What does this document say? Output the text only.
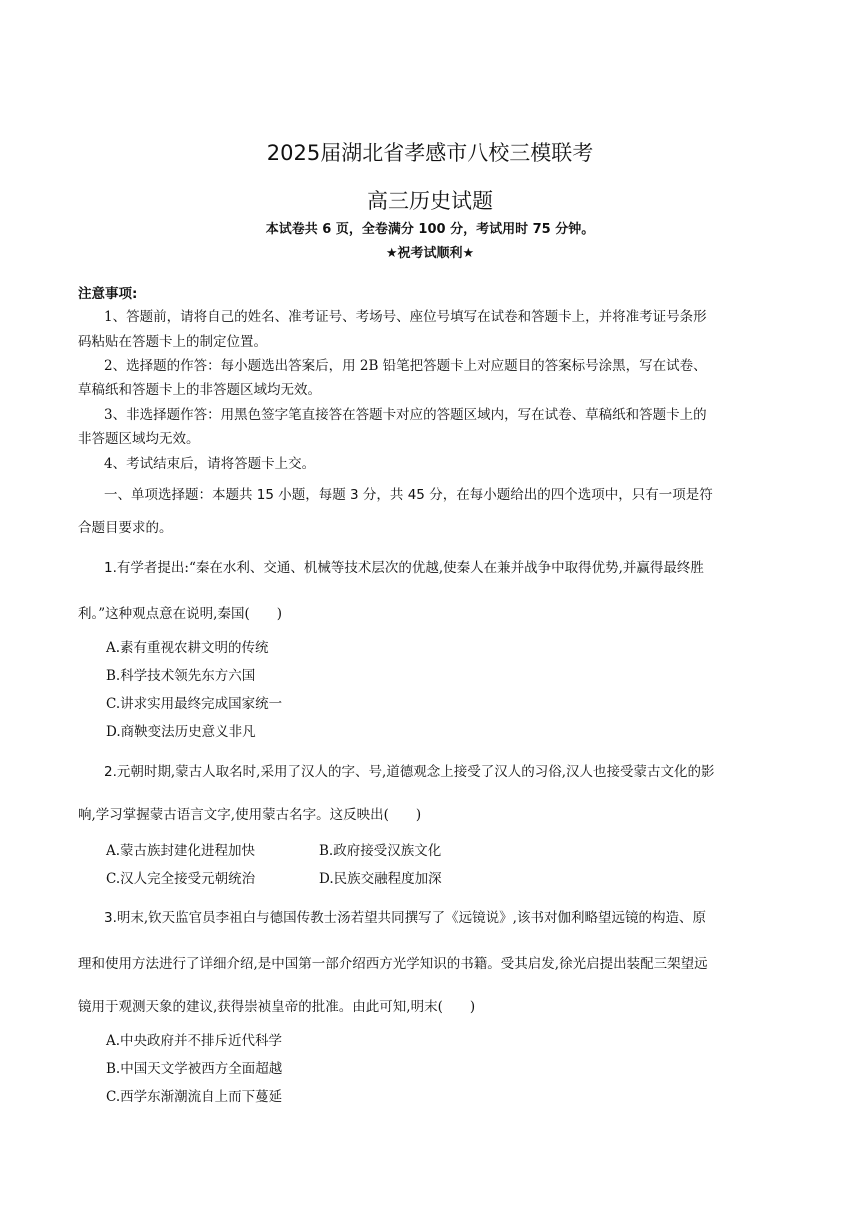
2025届湖北省孝感市八校三模联考
高三历史试题
本试卷共 6 页，全卷满分 100 分，考试用时 75 分钟。
★祝考试顺利★
注意事项:
1、答题前，请将自己的姓名、准考证号、考场号、座位号填写在试卷和答题卡上，并将准考证号条形
码粘贴在答题卡上的制定位置。
2、选择题的作答：每小题选出答案后，用 2B 铅笔把答题卡上对应题目的答案标号涂黑，写在试卷、
草稿纸和答题卡上的非答题区域均无效。
3、非选择题作答：用黑色签字笔直接答在答题卡对应的答题区域内，写在试卷、草稿纸和答题卡上的
非答题区域均无效。
4、考试结束后，请将答题卡上交。
一、单项选择题：本题共 15 小题，每题 3 分，共 45 分，在每小题给出的四个选项中，只有一项是符
合题目要求的。
1.有学者提出:“秦在水利、交通、机械等技术层次的优越,使秦人在兼并战争中取得优势,并赢得最终胜
利。”这种观点意在说明,秦国(　　)
A.素有重视农耕文明的传统
B.科学技术领先东方六国
C.讲求实用最终完成国家统一
D.商鞅变法历史意义非凡
2.元朝时期,蒙古人取名时,采用了汉人的字、号,道德观念上接受了汉人的习俗,汉人也接受蒙古文化的影
响,学习掌握蒙古语言文字,使用蒙古名字。这反映出(　　)
A.蒙古族封建化进程加快	B.政府接受汉族文化
C.汉人完全接受元朝统治	D.民族交融程度加深
3.明末,钦天监官员李祖白与德国传教士汤若望共同撰写了《远镜说》,该书对伽利略望远镜的构造、原
理和使用方法进行了详细介绍,是中国第一部介绍西方光学知识的书籍。受其启发,徐光启提出装配三架望远
镜用于观测天象的建议,获得崇祯皇帝的批准。由此可知,明末(　　)
A.中央政府并不排斥近代科学
B.中国天文学被西方全面超越
C.西学东渐潮流自上而下蔓延
